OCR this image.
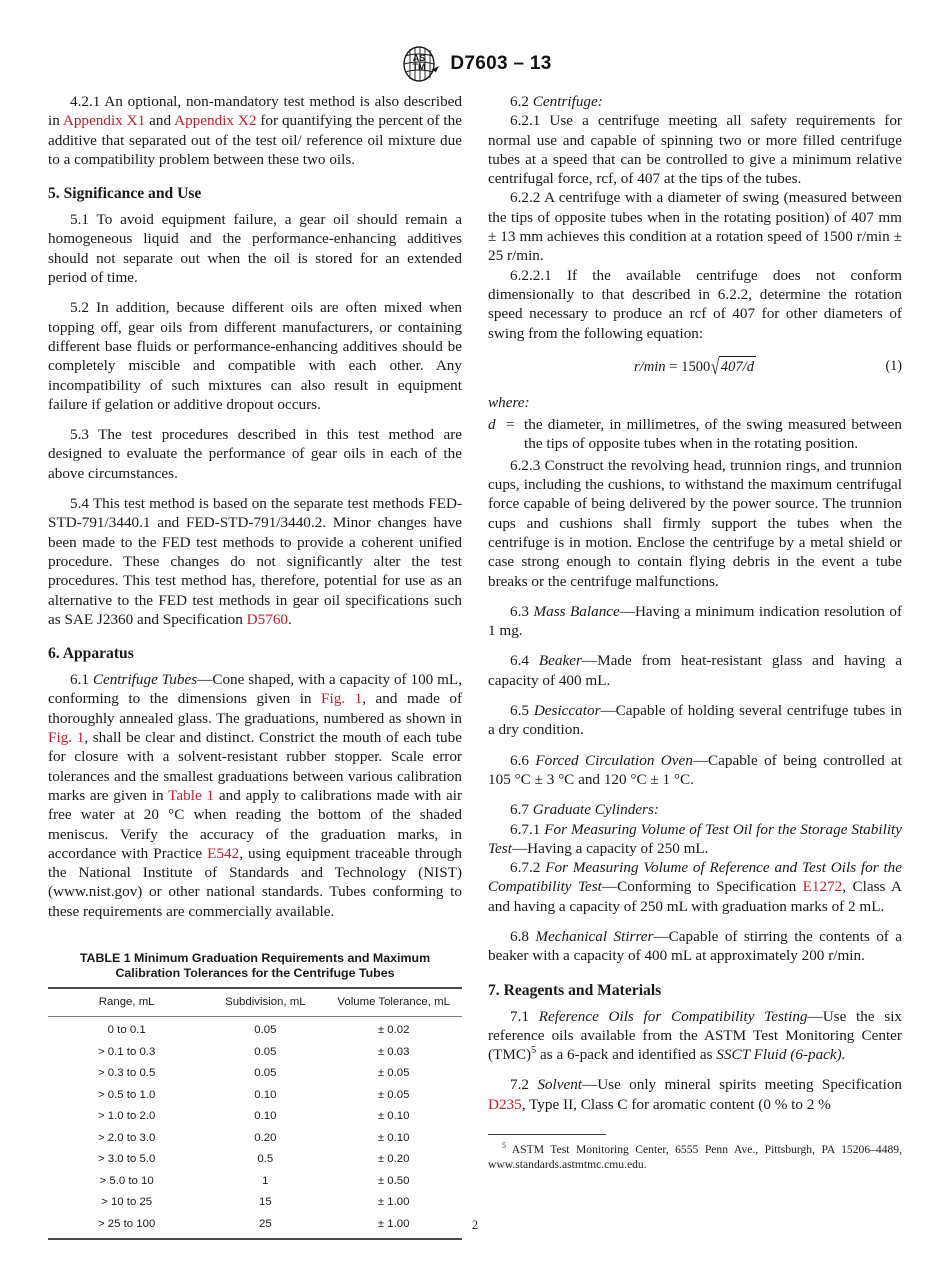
AS
TM D7603 – 13

4.2.1 An optional, non-mandatory test method is also described in Appendix X1 and Appendix X2 for quantifying the percent of the additive that separated out of the test oil/ reference oil mixture due to a compatibility problem between these two oils.

5. Significance and Use

5.1 To avoid equipment failure, a gear oil should remain a homogeneous liquid and the performance-enhancing additives should not separate out when the oil is stored for an extended period of time.

5.2 In addition, because different oils are often mixed when topping off, gear oils from different manufacturers, or containing different base fluids or performance-enhancing additives should be completely miscible and compatible with each other. Any incompatibility of such mixtures can also result in equipment failure if gelation or additive dropout occurs.

5.3 The test procedures described in this test method are designed to evaluate the performance of gear oils in each of the above circumstances.

5.4 This test method is based on the separate test methods FED-STD-791/3440.1 and FED-STD-791/3440.2. Minor changes have been made to the FED test methods to provide a coherent unified procedure. These changes do not significantly alter the test procedures. This test method has, therefore, potential for use as an alternative to the FED test methods in gear oil specifications such as SAE J2360 and Specification D5760.

6. Apparatus

6.1 Centrifuge Tubes—Cone shaped, with a capacity of 100 mL, conforming to the dimensions given in Fig. 1, and made of thoroughly annealed glass. The graduations, numbered as shown in Fig. 1, shall be clear and distinct. Constrict the mouth of each tube for closure with a solvent-resistant rubber stopper. Scale error tolerances and the smallest graduations between various calibration marks are given in Table 1 and apply to calibrations made with air free water at 20 °C when reading the bottom of the shaded meniscus. Verify the accuracy of the graduation marks, in accordance with Practice E542, using equipment traceable through the National Institute of Standards and Technology (NIST) (www.nist.gov) or other national standards. Tubes conforming to these requirements are commercially available.

TABLE 1 Minimum Graduation Requirements and Maximum Calibration Tolerances for the Centrifuge Tubes
Range, mL	Subdivision, mL	Volume Tolerance, mL
0 to 0.1	0.05	± 0.02
> 0.1 to 0.3	0.05	± 0.03
> 0.3 to 0.5	0.05	± 0.05
> 0.5 to 1.0	0.10	± 0.05
> 1.0 to 2.0	0.10	± 0.10
> 2.0 to 3.0	0.20	± 0.10
> 3.0 to 5.0	0.5	± 0.20
> 5.0 to 10	1	± 0.50
> 10 to 25	15	± 1.00
> 25 to 100	25	± 1.00

6.2 Centrifuge:

6.2.1 Use a centrifuge meeting all safety requirements for normal use and capable of spinning two or more filled centrifuge tubes at a speed that can be controlled to give a minimum relative centrifugal force, rcf, of 407 at the tips of the tubes.

6.2.2 A centrifuge with a diameter of swing (measured between the tips of opposite tubes when in the rotating position) of 407 mm ± 13 mm achieves this condition at a rotation speed of 1500 r/min ± 25 r/min.

6.2.2.1 If the available centrifuge does not conform dimensionally to that described in 6.2.2, determine the rotation speed necessary to produce an rcf of 407 for other diameters of swing from the following equation:

r/min = 1500√407/d	(1)

where:

d = the diameter, in millimetres, of the swing measured between the tips of opposite tubes when in the rotating position.

6.2.3 Construct the revolving head, trunnion rings, and trunnion cups, including the cushions, to withstand the maximum centrifugal force capable of being delivered by the power source. The trunnion cups and cushions shall firmly support the tubes when the centrifuge is in motion. Enclose the centrifuge by a metal shield or case strong enough to contain flying debris in the event a tube breaks or the centrifuge malfunctions.

6.3 Mass Balance—Having a minimum indication resolution of 1 mg.

6.4 Beaker—Made from heat-resistant glass and having a capacity of 400 mL.

6.5 Desiccator—Capable of holding several centrifuge tubes in a dry condition.

6.6 Forced Circulation Oven—Capable of being controlled at 105 °C ± 3 °C and 120 °C ± 1 °C.

6.7 Graduate Cylinders:

6.7.1 For Measuring Volume of Test Oil for the Storage Stability Test—Having a capacity of 250 mL.

6.7.2 For Measuring Volume of Reference and Test Oils for the Compatibility Test—Conforming to Specification E1272, Class A and having a capacity of 250 mL with graduation marks of 2 mL.

6.8 Mechanical Stirrer—Capable of stirring the contents of a beaker with a capacity of 400 mL at approximately 200 r/min.

7. Reagents and Materials

7.1 Reference Oils for Compatibility Testing—Use the six reference oils available from the ASTM Test Monitoring Center (TMC)$^5$ as a 6-pack and identified as SSCT Fluid (6-pack).

7.2 Solvent—Use only mineral spirits meeting Specification D235, Type II, Class C for aromatic content (0 % to 2 %

$^5$ ASTM Test Monitoring Center, 6555 Penn Ave., Pittsburgh, PA 15206–4489, www.standards.astmtmc.cmu.edu.

2
